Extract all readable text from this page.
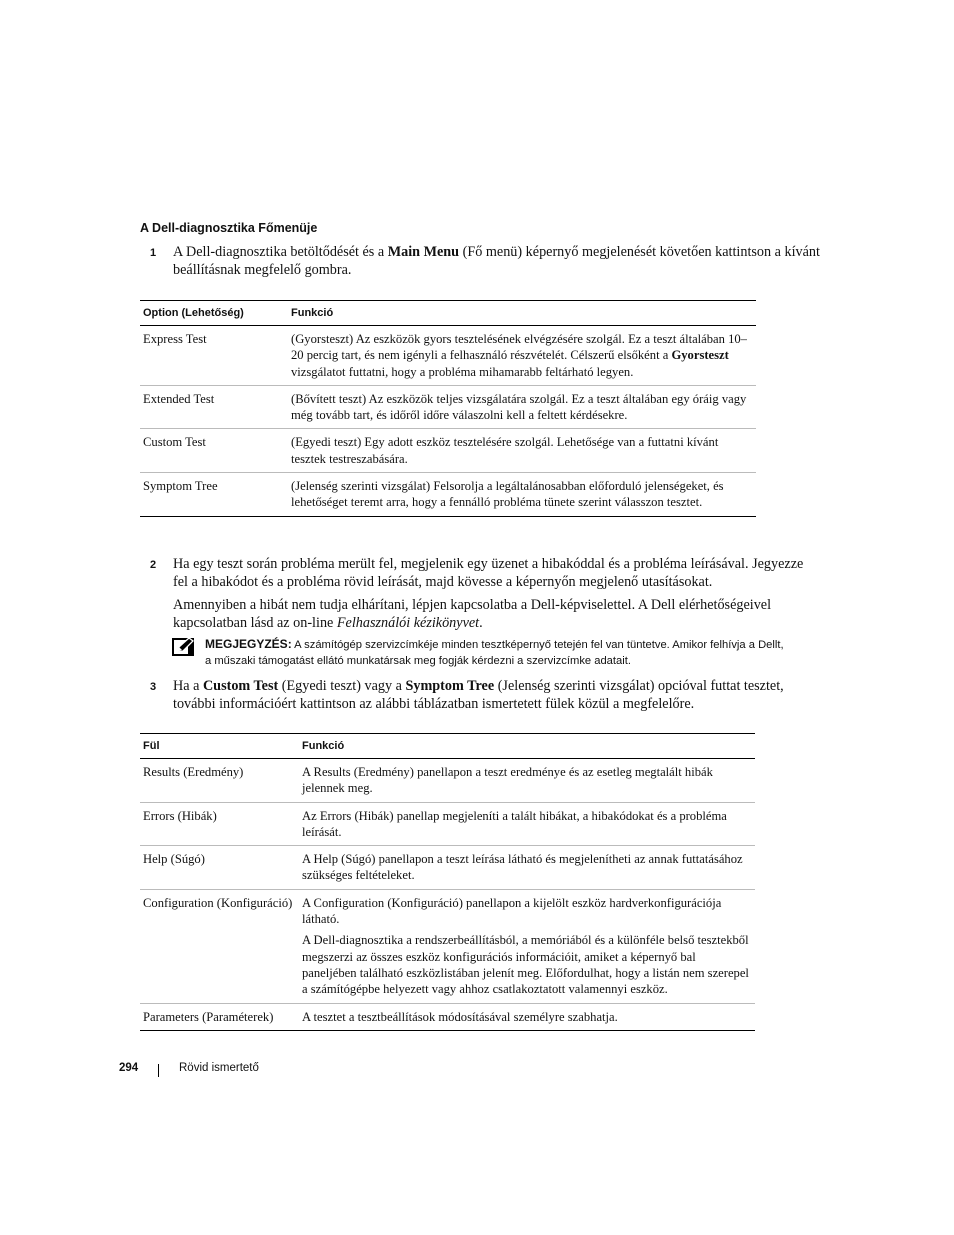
A Dell-diagnosztika Főmenüje
1 A Dell-diagnosztika betöltődését és a Main Menu (Fő menü) képernyő megjelenését követően kattintson a kívánt beállításnak megfelelő gombra.
Option (Lehetőség)	Funkció
Express Test	(Gyorsteszt) Az eszközök gyors tesztelésének elvégzésére szolgál. Ez a teszt általában 10–20 percig tart, és nem igényli a felhasználó részvételét. Célszerű elsőként a Gyorsteszt vizsgálatot futtatni, hogy a probléma mihamarabb feltárható legyen.
Extended Test	(Bővített teszt) Az eszközök teljes vizsgálatára szolgál. Ez a teszt általában egy óráig vagy még tovább tart, és időről időre válaszolni kell a feltett kérdésekre.
Custom Test	(Egyedi teszt) Egy adott eszköz tesztelésére szolgál. Lehetősége van a futtatni kívánt tesztek testreszabására.
Symptom Tree	(Jelenség szerinti vizsgálat) Felsorolja a legáltalánosabban előforduló jelenségeket, és lehetőséget teremt arra, hogy a fennálló probléma tünete szerint válasszon tesztet.
2 Ha egy teszt során probléma merült fel, megjelenik egy üzenet a hibakóddal és a probléma leírásával. Jegyezze fel a hibakódot és a probléma rövid leírását, majd kövesse a képernyőn megjelenő utasításokat.
Amennyiben a hibát nem tudja elhárítani, lépjen kapcsolatba a Dell-képviselettel. A Dell elérhetőségeivel kapcsolatban lásd az on-line Felhasználói kézikönyvet.
MEGJEGYZÉS: A számítógép szervizcímkéje minden tesztképernyő tetején fel van tüntetve. Amikor felhívja a Dellt, a műszaki támogatást ellátó munkatársak meg fogják kérdezni a szervizcímke adatait.
3 Ha a Custom Test (Egyedi teszt) vagy a Symptom Tree (Jelenség szerinti vizsgálat) opcióval futtat tesztet, további információért kattintson az alábbi táblázatban ismertetett fülek közül a megfelelőre.
Fül	Funkció
Results (Eredmény)	A Results (Eredmény) panellapon a teszt eredménye és az esetleg megtalált hibák jelennek meg.
Errors (Hibák)	Az Errors (Hibák) panellap megjeleníti a talált hibákat, a hibakódokat és a probléma leírását.
Help (Súgó)	A Help (Súgó) panellapon a teszt leírása látható és megjelenítheti az annak futtatásához szükséges feltételeket.
Configuration (Konfiguráció)	A Configuration (Konfiguráció) panellapon a kijelölt eszköz hardverkonfigurációja látható.

A Dell-diagnosztika a rendszerbeállításból, a memóriából és a különféle belső tesztekből megszerzi az összes eszköz konfigurációs információit, amiket a képernyő bal paneljében található eszközlistában jelenít meg. Előfordulhat, hogy a listán nem szerepel a számítógépbe helyezett vagy ahhoz csatlakoztatott valamennyi eszköz.

Parameters (Paraméterek)	A tesztet a tesztbeállítások módosításával személyre szabhatja.
294	Rövid ismertető
